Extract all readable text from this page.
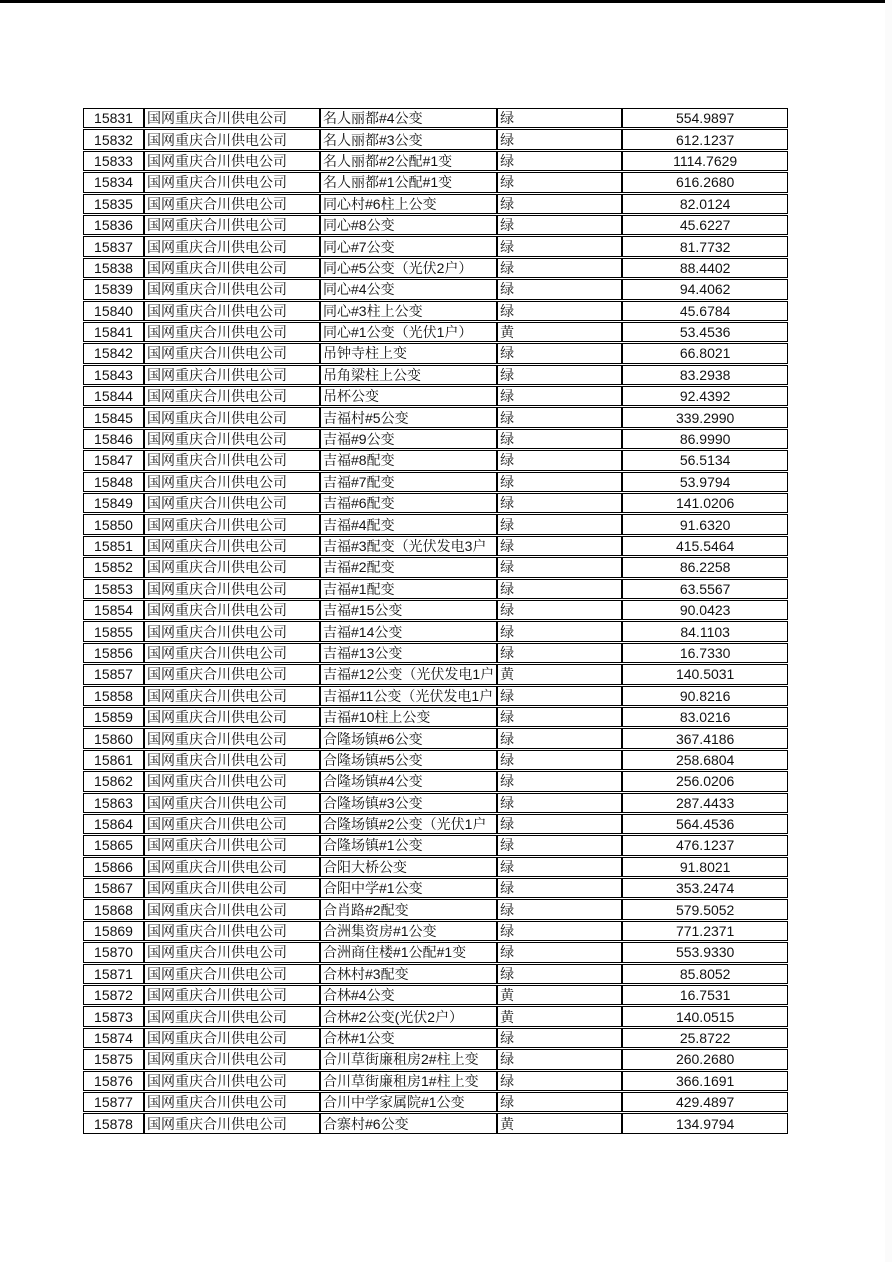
15831	国网重庆合川供电公司	名人丽都#4公变	绿	554.9897
15832	国网重庆合川供电公司	名人丽都#3公变	绿	612.1237
15833	国网重庆合川供电公司	名人丽都#2公配#1变	绿	1114.7629
15834	国网重庆合川供电公司	名人丽都#1公配#1变	绿	616.2680
15835	国网重庆合川供电公司	同心村#6柱上公变	绿	82.0124
15836	国网重庆合川供电公司	同心#8公变	绿	45.6227
15837	国网重庆合川供电公司	同心#7公变	绿	81.7732
15838	国网重庆合川供电公司	同心#5公变（光伏2户）	绿	88.4402
15839	国网重庆合川供电公司	同心#4公变	绿	94.4062
15840	国网重庆合川供电公司	同心#3柱上公变	绿	45.6784
15841	国网重庆合川供电公司	同心#1公变（光伏1户）	黄	53.4536
15842	国网重庆合川供电公司	吊钟寺柱上变	绿	66.8021
15843	国网重庆合川供电公司	吊角梁柱上公变	绿	83.2938
15844	国网重庆合川供电公司	吊杯公变	绿	92.4392
15845	国网重庆合川供电公司	吉福村#5公变	绿	339.2990
15846	国网重庆合川供电公司	吉福#9公变	绿	86.9990
15847	国网重庆合川供电公司	吉福#8配变	绿	56.5134
15848	国网重庆合川供电公司	吉福#7配变	绿	53.9794
15849	国网重庆合川供电公司	吉福#6配变	绿	141.0206
15850	国网重庆合川供电公司	吉福#4配变	绿	91.6320
15851	国网重庆合川供电公司	吉福#3配变（光伏发电3户	绿	415.5464
15852	国网重庆合川供电公司	吉福#2配变	绿	86.2258
15853	国网重庆合川供电公司	吉福#1配变	绿	63.5567
15854	国网重庆合川供电公司	吉福#15公变	绿	90.0423
15855	国网重庆合川供电公司	吉福#14公变	绿	84.1103
15856	国网重庆合川供电公司	吉福#13公变	绿	16.7330
15857	国网重庆合川供电公司	吉福#12公变（光伏发电1户	黄	140.5031
15858	国网重庆合川供电公司	吉福#11公变（光伏发电1户	绿	90.8216
15859	国网重庆合川供电公司	吉福#10柱上公变	绿	83.0216
15860	国网重庆合川供电公司	合隆场镇#6公变	绿	367.4186
15861	国网重庆合川供电公司	合隆场镇#5公变	绿	258.6804
15862	国网重庆合川供电公司	合隆场镇#4公变	绿	256.0206
15863	国网重庆合川供电公司	合隆场镇#3公变	绿	287.4433
15864	国网重庆合川供电公司	合隆场镇#2公变（光伏1户	绿	564.4536
15865	国网重庆合川供电公司	合隆场镇#1公变	绿	476.1237
15866	国网重庆合川供电公司	合阳大桥公变	绿	91.8021
15867	国网重庆合川供电公司	合阳中学#1公变	绿	353.2474
15868	国网重庆合川供电公司	合肖路#2配变	绿	579.5052
15869	国网重庆合川供电公司	合洲集资房#1公变	绿	771.2371
15870	国网重庆合川供电公司	合洲商住楼#1公配#1变	绿	553.9330
15871	国网重庆合川供电公司	合林村#3配变	绿	85.8052
15872	国网重庆合川供电公司	合林#4公变	黄	16.7531
15873	国网重庆合川供电公司	合林#2公变(光伏2户）	黄	140.0515
15874	国网重庆合川供电公司	合林#1公变	绿	25.8722
15875	国网重庆合川供电公司	合川草街廉租房2#柱上变	绿	260.2680
15876	国网重庆合川供电公司	合川草街廉租房1#柱上变	绿	366.1691
15877	国网重庆合川供电公司	合川中学家属院#1公变	绿	429.4897
15878	国网重庆合川供电公司	合寨村#6公变	黄	134.9794
